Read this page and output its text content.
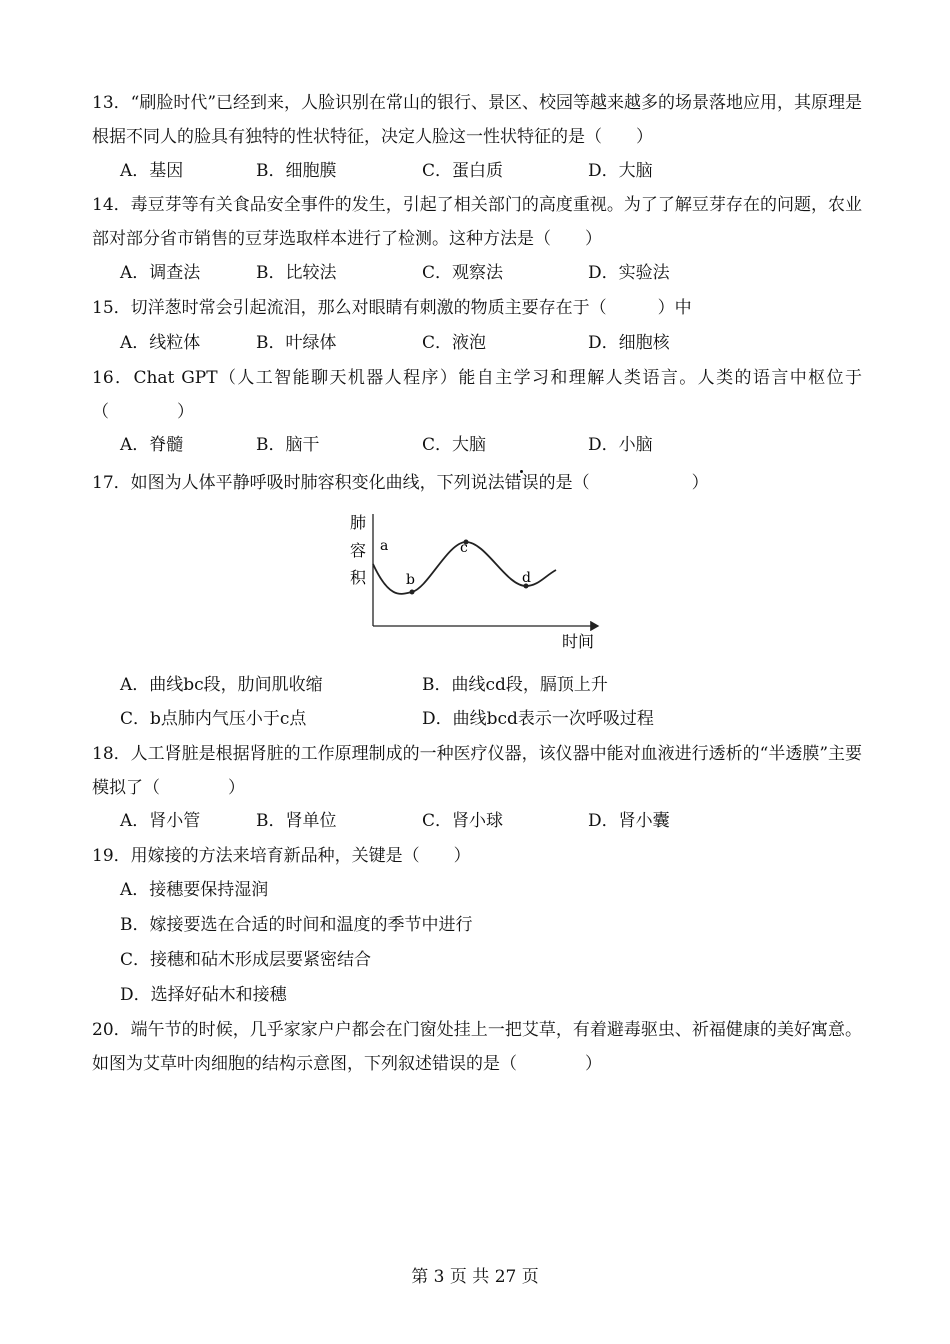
13．“刷脸时代”已经到来，人脸识别在常山的银行、景区、校园等越来越多的场景落地应用，其原理是根据不同人的脸具有独特的性状特征，决定人脸这一性状特征的是（　　）
A．基因	B．细胞膜	C．蛋白质	D．大脑
14．毒豆芽等有关食品安全事件的发生，引起了相关部门的高度重视。为了了解豆芽存在的问题，农业部对部分省市销售的豆芽选取样本进行了检测。这种方法是（　　）
A．调查法	B．比较法	C．观察法	D．实验法
15．切洋葱时常会引起流泪，那么对眼睛有刺激的物质主要存在于（　　　）中
A．线粒体	B．叶绿体	C．液泡	D．细胞核
16．Chat GPT（人工智能聊天机器人程序）能自主学习和理解人类语言。人类的语言中枢位于（　　　　）
A．脊髓	B．脑干	C．大脑	D．小脑
17．如图为人体平静呼吸时肺容积变化曲线，下列说法错误的是（　　　　　　）
肺
容
积
a
b
c
d
时间
A．曲线bc段，肋间肌收缩	B．曲线cd段，膈顶上升
C．b点肺内气压小于c点	D．曲线bcd表示一次呼吸过程
18．人工肾脏是根据肾脏的工作原理制成的一种医疗仪器，该仪器中能对血液进行透析的“半透膜”主要模拟了（　　　　）
A．肾小管	B．肾单位	C．肾小球	D．肾小囊
19．用嫁接的方法来培育新品种，关键是（　　）
A．接穗要保持湿润
B．嫁接要选在合适的时间和温度的季节中进行
C．接穗和砧木形成层要紧密结合
D．选择好砧木和接穗
20．端午节的时候，几乎家家户户都会在门窗处挂上一把艾草，有着避毒驱虫、祈福健康的美好寓意。如图为艾草叶肉细胞的结构示意图，下列叙述错误的是（　　　　）
第 3 页 共 27 页
